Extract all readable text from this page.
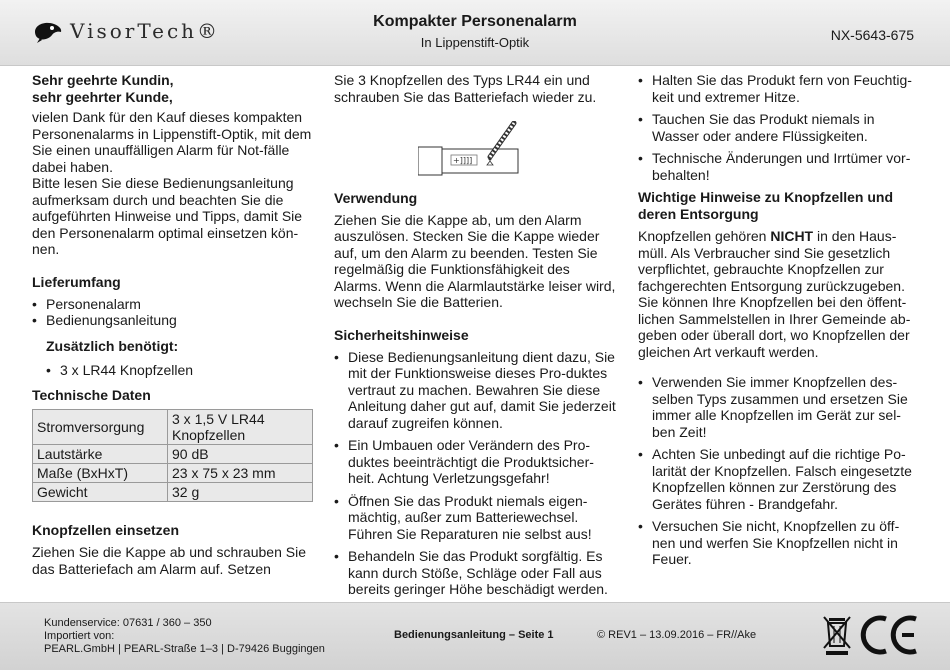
VisorTech®	Kompakter Personenalarm
In Lippenstift-Optik	NX-5643-675
Sehr geehrte Kundin,
sehr geehrter Kunde,

vielen Dank für den Kauf dieses kompakten Personenalarms in Lippenstift-Optik, mit dem Sie einen unauffälligen Alarm für Not-fälle dabei haben.
Bitte lesen Sie diese Bedienungsanleitung aufmerksam durch und beachten Sie die aufgeführten Hinweise und Tipps, damit Sie den Personenalarm optimal einsetzen kön-nen.

Lieferumfang
• Personenalarm
• Bedienungsanleitung
Zusätzlich benötigt:
• 3 x LR44 Knopfzellen
Technische Daten
Stromversorgung	3 x 1,5 V LR44 Knopfzellen
Lautstärke	90 dB
Maße (BxHxT)	23 x 75 x 23 mm
Gewicht	32 g
Knopfzellen einsetzen

Ziehen Sie die Kappe ab und schrauben Sie das Batteriefach am Alarm auf. Setzen

Sie 3 Knopfzellen des Typs LR44 ein und schrauben Sie das Batteriefach wieder zu.

+]]]]
Verwendung

Ziehen Sie die Kappe ab, um den Alarm auszulösen. Stecken Sie die Kappe wieder auf, um den Alarm zu beenden. Testen Sie regelmäßig die Funktionsfähigkeit des Alarms. Wenn die Alarmlautstärke leiser wird, wechseln Sie die Batterien.

Sicherheitshinweise
• Diese Bedienungsanleitung dient dazu, Sie mit der Funktionsweise dieses Pro-duktes vertraut zu machen. Bewahren Sie diese Anleitung daher gut auf, damit Sie jederzeit darauf zugreifen können.
• Ein Umbauen oder Verändern des Pro-duktes beeinträchtigt die Produktsicher-heit. Achtung Verletzungsgefahr!
• Öffnen Sie das Produkt niemals eigen-mächtig, außer zum Batteriewechsel. Führen Sie Reparaturen nie selbst aus!
• Behandeln Sie das Produkt sorgfältig. Es kann durch Stöße, Schläge oder Fall aus bereits geringer Höhe beschädigt werden.
• Halten Sie das Produkt fern von Feuchtig-keit und extremer Hitze.
• Tauchen Sie das Produkt niemals in Wasser oder andere Flüssigkeiten.
• Technische Änderungen und Irrtümer vor-behalten!
Wichtige Hinweise zu Knopfzellen und deren Entsorgung

Knopfzellen gehören NICHT in den Haus-müll. Als Verbraucher sind Sie gesetzlich verpflichtet, gebrauchte Knopfzellen zur fachgerechten Entsorgung zurückzugeben. Sie können Ihre Knopfzellen bei den öffent-lichen Sammelstellen in Ihrer Gemeinde ab-geben oder überall dort, wo Knopfzellen der gleichen Art verkauft werden.

• Verwenden Sie immer Knopfzellen des-selben Typs zusammen und ersetzen Sie immer alle Knopfzellen im Gerät zur sel-ben Zeit!
• Achten Sie unbedingt auf die richtige Po-larität der Knopfzellen. Falsch eingesetzte Knopfzellen können zur Zerstörung des Gerätes führen - Brandgefahr.
• Versuchen Sie nicht, Knopfzellen zu öff-nen und werfen Sie Knopfzellen nicht in Feuer.
Kundenservice: 07631 / 360 – 350
Importiert von:
PEARL.GmbH | PEARL-Straße 1–3 | D-79426 Buggingen
Bedienungsanleitung – Seite 1	© REV1 – 13.09.2016 – FR//Ake
